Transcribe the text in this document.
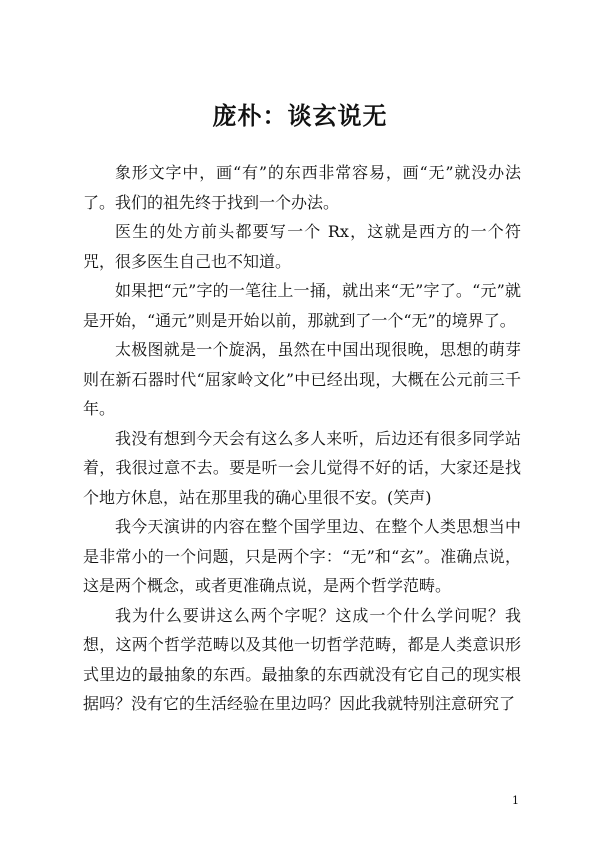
庞朴：谈玄说无

象形文字中，画“有”的东西非常容易，画“无”就没办法了。我们的祖先终于找到一个办法。

医生的处方前头都要写一个 Rx，这就是西方的一个符咒，很多医生自己也不知道。

如果把“元”字的一笔往上一捅，就出来“无”字了。“元”就是开始，“通元”则是开始以前，那就到了一个“无”的境界了。

太极图就是一个旋涡，虽然在中国出现很晚，思想的萌芽则在新石器时代“屈家岭文化”中已经出现，大概在公元前三千年。

我没有想到今天会有这么多人来听，后边还有很多同学站着，我很过意不去。要是听一会儿觉得不好的话，大家还是找个地方休息，站在那里我的确心里很不安。(笑声)

我今天演讲的内容在整个国学里边、在整个人类思想当中是非常小的一个问题，只是两个字：“无”和“玄”。准确点说，这是两个概念，或者更准确点说，是两个哲学范畴。

我为什么要讲这么两个字呢？这成一个什么学问呢？我想，这两个哲学范畴以及其他一切哲学范畴，都是人类意识形式里边的最抽象的东西。最抽象的东西就没有它自己的现实根据吗？没有它的生活经验在里边吗？因此我就特别注意研究了

1
